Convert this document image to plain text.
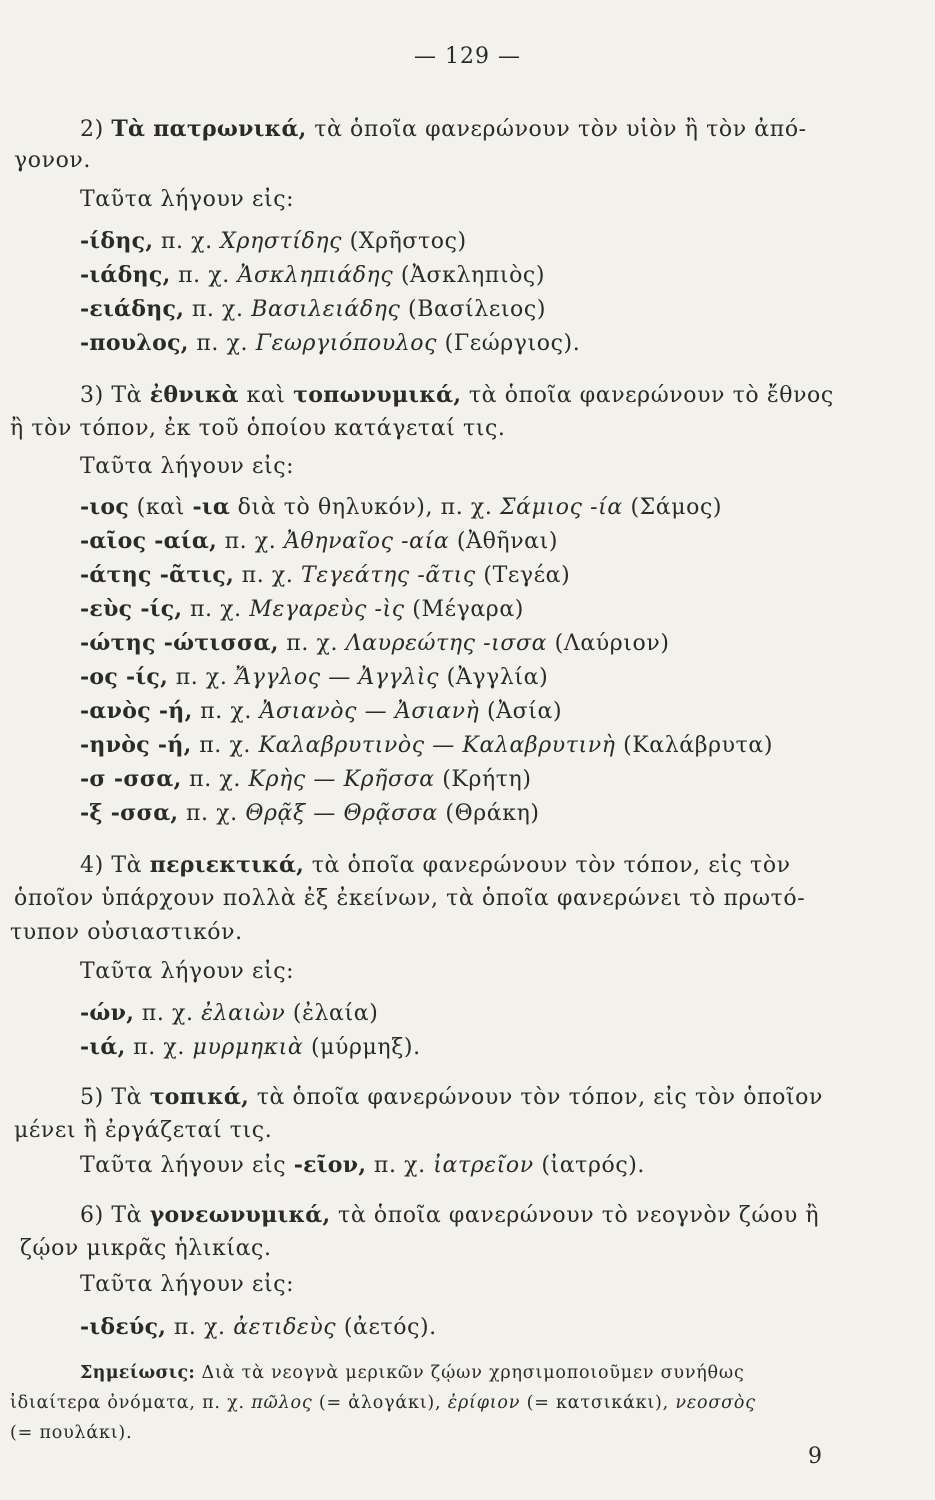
— 129 —
2) Τὰ πατρωνικά, τὰ ὁποῖα φανερώνουν τὸν υἱὸν ἢ τὸν ἀπό-
γονον.
Ταῦτα λήγουν εἰς:
-ίδης, π. χ. Χρηστίδης (Χρῆστος)
-ιάδης, π. χ. Ἀσκληπιάδης (Ἀσκληπιὸς)
-ειάδης, π. χ. Βασιλειάδης (Βασίλειος)
-πουλος, π. χ. Γεωργιόπουλος (Γεώργιος).
3) Τὰ ἐθνικὰ καὶ τοπωνυμικά, τὰ ὁποῖα φανερώνουν τὸ ἔθνος
ἢ τὸν τόπον, ἐκ τοῦ ὁποίου κατάγεταί τις.
Ταῦτα λήγουν εἰς:
-ιος (καὶ -ια διὰ τὸ θηλυκόν), π. χ. Σάμιος -ία (Σάμος)
-αῖος -αία, π. χ. Ἀθηναῖος -αία (Ἀθῆναι)
-άτης -ᾶτις, π. χ. Τεγεάτης -ᾶτις (Τεγέα)
-εὺς -ίς, π. χ. Μεγαρεὺς -ὶς (Μέγαρα)
-ώτης -ώτισσα, π. χ. Λαυρεώτης -ισσα (Λαύριον)
-ος -ίς, π. χ. Ἄγγλος — Ἀγγλὶς (Ἀγγλία)
-ανὸς -ή, π. χ. Ἀσιανὸς — Ἀσιανὴ (Ἀσία)
-ηνὸς -ή, π. χ. Καλαβρυτινὸς — Καλαβρυτινὴ (Καλάβρυτα)
-σ -σσα, π. χ. Κρὴς — Κρῆσσα (Κρήτη)
-ξ -σσα, π. χ. Θρᾷξ — Θρᾷσσα (Θράκη)
4) Τὰ περιεκτικά, τὰ ὁποῖα φανερώνουν τὸν τόπον, εἰς τὸν
ὁποῖον ὑπάρχουν πολλὰ ἐξ ἐκείνων, τὰ ὁποῖα φανερώνει τὸ πρωτό-
τυπον οὐσιαστικόν.
Ταῦτα λήγουν εἰς:
-ών, π. χ. ἐλαιὼν (ἐλαία)
-ιά, π. χ. μυρμηκιὰ (μύρμηξ).
5) Τὰ τοπικά, τὰ ὁποῖα φανερώνουν τὸν τόπον, εἰς τὸν ὁποῖον
μένει ἢ ἐργάζεταί τις.
Ταῦτα λήγουν εἰς -εῖον, π. χ. ἰατρεῖον (ἰατρός).
6) Τὰ γονεωνυμικά, τὰ ὁποῖα φανερώνουν τὸ νεογνὸν ζώου ἢ
ζῴον μικρᾶς ἡλικίας.
Ταῦτα λήγουν εἰς:
-ιδεύς, π. χ. ἀετιδεὺς (ἀετός).
Σημείωσις: Διὰ τὰ νεογνὰ μερικῶν ζῴων χρησιμοποιοῦμεν συνήθως
ἰδιαίτερα ὀνόματα, π. χ. πῶλος (= ἀλογάκι), ἐρίφιον (= κατσικάκι), νεοσσὸς
(= πουλάκι).
9
